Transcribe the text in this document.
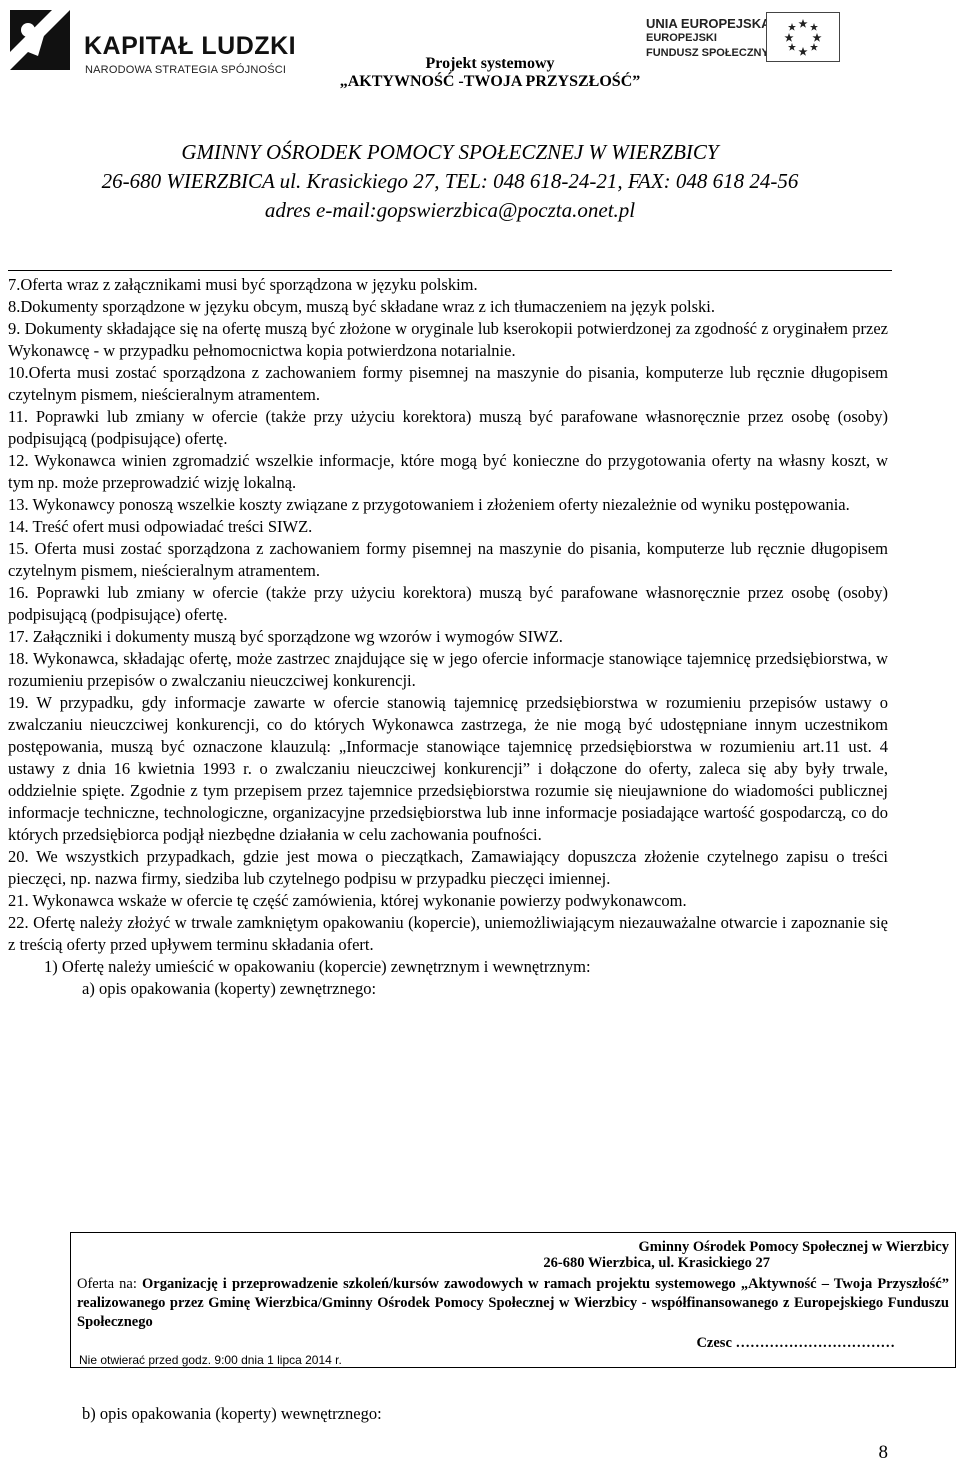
KAPITAŁ LUDZKI
NARODOWA STRATEGIA SPÓJNOŚCI	Projekt systemowy
„AKTYWNOŚĆ -TWOJA PRZYSZŁOŚĆ”
UNIA EUROPEJSKA
EUROPEJSKI
FUNDUSZ SPOŁECZNY
GMINNY OŚRODEK POMOCY SPOŁECZNEJ W WIERZBICY
26-680 WIERZBICA ul. Krasickiego 27, TEL: 048 618-24-21, FAX: 048 618 24-56
adres e-mail:gopswierzbica@poczta.onet.pl

7.Oferta wraz z załącznikami musi być sporządzona w języku polskim.

8.Dokumenty sporządzone w języku obcym, muszą być składane wraz z ich tłumaczeniem na język polski.

9. Dokumenty składające się na ofertę muszą być złożone w oryginale lub kserokopii potwierdzonej za zgodność z oryginałem przez Wykonawcę - w przypadku pełnomocnictwa kopia potwierdzona notarialnie.

10.Oferta musi zostać sporządzona z zachowaniem formy pisemnej na maszynie do pisania, komputerze lub ręcznie długopisem czytelnym pismem, nieścieralnym atramentem.

11. Poprawki lub zmiany w ofercie (także przy użyciu korektora) muszą być parafowane własnoręcznie przez osobę (osoby) podpisującą (podpisujące) ofertę.

12. Wykonawca winien zgromadzić wszelkie informacje, które mogą być konieczne do przygotowania oferty na własny koszt, w tym np. może przeprowadzić wizję lokalną.

13. Wykonawcy ponoszą wszelkie koszty związane z przygotowaniem i złożeniem oferty niezależnie od wyniku postępowania.

14. Treść ofert musi odpowiadać treści SIWZ.

15. Oferta musi zostać sporządzona z zachowaniem formy pisemnej na maszynie do pisania, komputerze lub ręcznie długopisem czytelnym pismem, nieścieralnym atramentem.

16. Poprawki lub zmiany w ofercie (także przy użyciu korektora) muszą być parafowane własnoręcznie przez osobę (osoby) podpisującą (podpisujące) ofertę.

17. Załączniki i dokumenty muszą być sporządzone wg wzorów i wymogów SIWZ.

18. Wykonawca, składając ofertę, może zastrzec znajdujące się w jego ofercie informacje stanowiące tajemnicę przedsiębiorstwa, w rozumieniu przepisów o zwalczaniu nieuczciwej konkurencji.

19. W przypadku, gdy informacje zawarte w ofercie stanowią tajemnicę przedsiębiorstwa w rozumieniu przepisów ustawy o zwalczaniu nieuczciwej konkurencji, co do których Wykonawca zastrzega, że nie mogą być udostępniane innym uczestnikom postępowania, muszą być oznaczone klauzulą: „Informacje stanowiące tajemnicę przedsiębiorstwa w rozumieniu art.11 ust. 4 ustawy z dnia 16 kwietnia 1993 r. o zwalczaniu nieuczciwej konkurencji” i dołączone do oferty, zaleca się aby były trwale, oddzielnie spięte. Zgodnie z tym przepisem przez tajemnice przedsiębiorstwa rozumie się nieujawnione do wiadomości publicznej informacje techniczne, technologiczne, organizacyjne przedsiębiorstwa lub inne informacje posiadające wartość gospodarczą, co do których przedsiębiorca podjął niezbędne działania w celu zachowania poufności.

20. We wszystkich przypadkach, gdzie jest mowa o pieczątkach, Zamawiający dopuszcza złożenie czytelnego zapisu o treści pieczęci, np. nazwa firmy, siedziba lub czytelnego podpisu w przypadku pieczęci imiennej.

21. Wykonawca wskaże w ofercie tę część zamówienia, której wykonanie powierzy podwykonawcom.

22. Ofertę należy złożyć w trwale zamkniętym opakowaniu (kopercie), uniemożliwiającym niezauważalne otwarcie i zapoznanie się z treścią oferty przed upływem terminu składania ofert.

1) Ofertę należy umieścić w opakowaniu (kopercie) zewnętrznym i wewnętrznym:

a) opis opakowania (koperty) zewnętrznego:

Gminny Ośrodek Pomocy Społecznej w Wierzbicy
26-680 Wierzbica, ul. Krasickiego 27
Oferta na: Organizację i przeprowadzenie szkoleń/kursów zawodowych w ramach projektu systemowego „Aktywność – Twoja Przyszłość” realizowanego przez Gminę Wierzbica/Gminny Ośrodek Pomocy Społecznej w Wierzbicy - współfinansowanego z Europejskiego Funduszu Społecznego
Czesc ……………………………
Nie otwierać przed godz. 9:00 dnia 1 lipca 2014 r.
b) opis opakowania (koperty) wewnętrznego:
8
